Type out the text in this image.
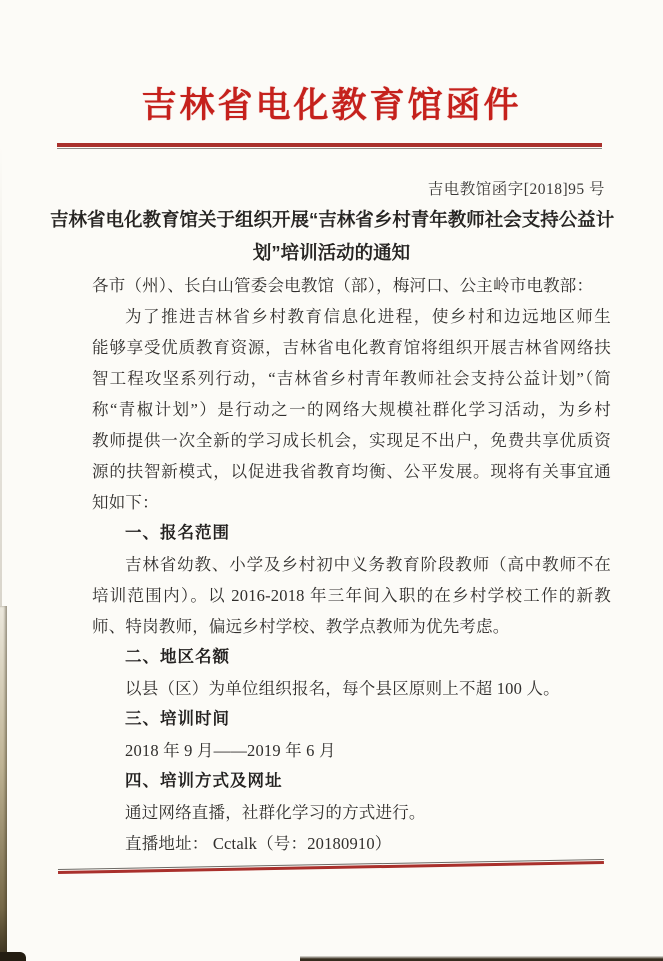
吉林省电化教育馆函件
吉电教馆函字[2018]95 号
吉林省电化教育馆关于组织开展“吉林省乡村青年教师社会支持公益计
划”培训活动的通知
各市（州）、长白山管委会电教馆（部），梅河口、公主岭市电教部：
为了推进吉林省乡村教育信息化进程，使乡村和边远地区师生
能够享受优质教育资源，吉林省电化教育馆将组织开展吉林省网络扶
智工程攻坚系列行动，“吉林省乡村青年教师社会支持公益计划”（简
称“青椒计划”）是行动之一的网络大规模社群化学习活动，为乡村
教师提供一次全新的学习成长机会，实现足不出户，免费共享优质资
源的扶智新模式，以促进我省教育均衡、公平发展。现将有关事宜通
知如下：
一、报名范围
吉林省幼教、小学及乡村初中义务教育阶段教师（高中教师不在
培训范围内）。以 2016-2018 年三年间入职的在乡村学校工作的新教
师、特岗教师，偏远乡村学校、教学点教师为优先考虑。
二、地区名额
以县（区）为单位组织报名，每个县区原则上不超 100 人。
三、培训时间
2018 年 9 月——2019 年 6 月
四、培训方式及网址
通过网络直播，社群化学习的方式进行。
直播地址： Cctalk（号：20180910）
